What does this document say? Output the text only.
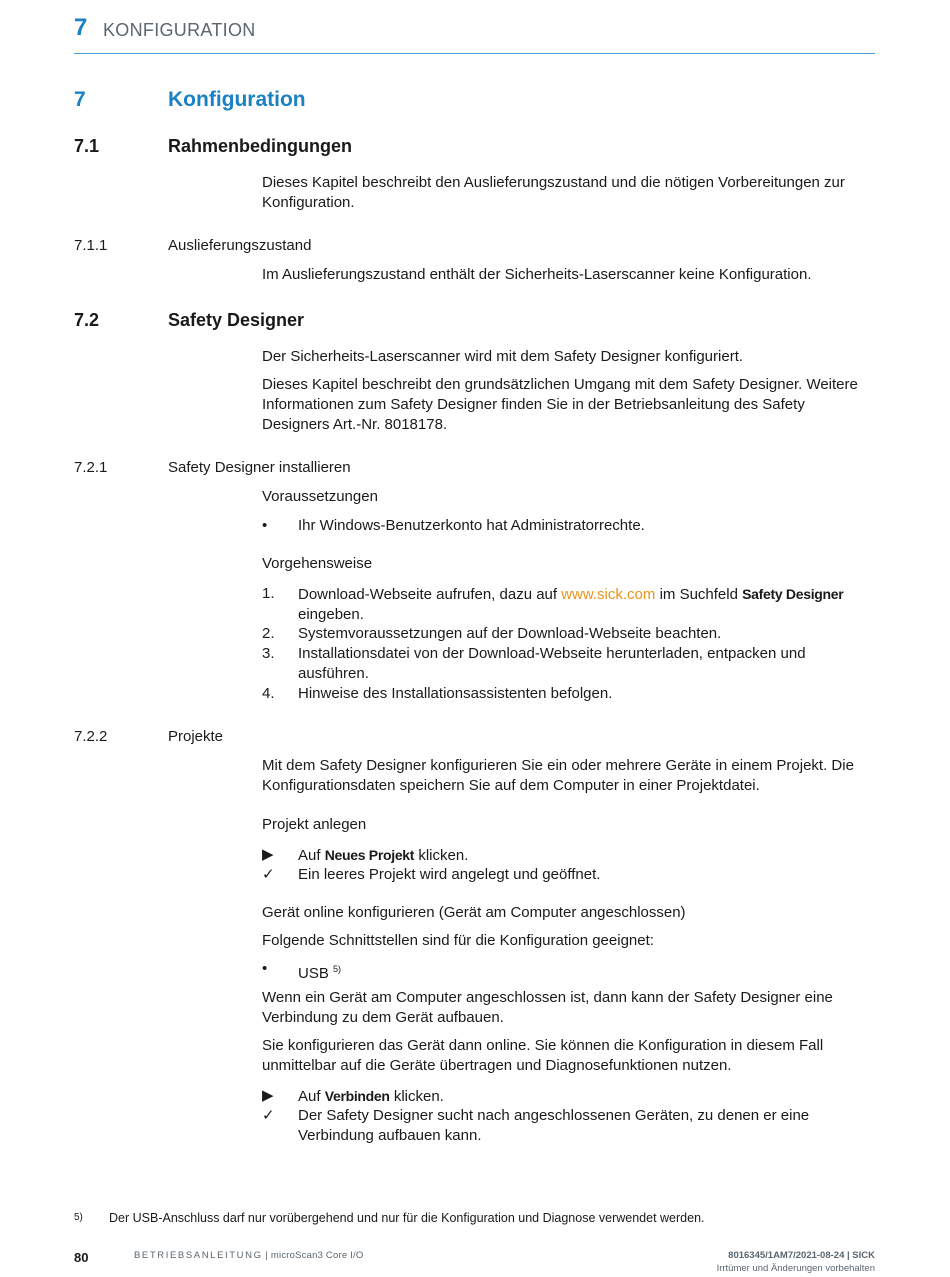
7 KONFIGURATION
7	Konfiguration
7.1	Rahmenbedingungen
Dieses Kapitel beschreibt den Auslieferungszustand und die nötigen Vorbereitungen zur Konfiguration.
7.1.1	Auslieferungszustand
Im Auslieferungszustand enthält der Sicherheits-Laserscanner keine Konfiguration.
7.2	Safety Designer
Der Sicherheits-Laserscanner wird mit dem Safety Designer konfiguriert.
Dieses Kapitel beschreibt den grundsätzlichen Umgang mit dem Safety Designer. Weitere Informationen zum Safety Designer finden Sie in der Betriebsanleitung des Safety Designers Art.-Nr. 8018178.
7.2.1	Safety Designer installieren
Voraussetzungen
•	Ihr Windows-Benutzerkonto hat Administratorrechte.
Vorgehensweise
1.	Download-Webseite aufrufen, dazu auf www.sick.com im Suchfeld Safety Designer eingeben.
2.	Systemvoraussetzungen auf der Download-Webseite beachten.
3.	Installationsdatei von der Download-Webseite herunterladen, entpacken und ausführen.
4.	Hinweise des Installationsassistenten befolgen.
7.2.2	Projekte
Mit dem Safety Designer konfigurieren Sie ein oder mehrere Geräte in einem Projekt. Die Konfigurationsdaten speichern Sie auf dem Computer in einer Projektdatei.
Projekt anlegen
▶	Auf Neues Projekt klicken.
✓	Ein leeres Projekt wird angelegt und geöffnet.
Gerät online konfigurieren (Gerät am Computer angeschlossen)
Folgende Schnittstellen sind für die Konfiguration geeignet:
•	USB $^{5)}$
Wenn ein Gerät am Computer angeschlossen ist, dann kann der Safety Designer eine Verbindung zu dem Gerät aufbauen.
Sie konfigurieren das Gerät dann online. Sie können die Konfiguration in diesem Fall unmittelbar auf die Geräte übertragen und Diagnosefunktionen nutzen.
▶	Auf Verbinden klicken.
✓	Der Safety Designer sucht nach angeschlossenen Geräten, zu denen er eine Verbindung aufbauen kann.
5) Der USB-Anschluss darf nur vorübergehend und nur für die Konfiguration und Diagnose verwendet werden.
80	BETRIEBSANLEITUNG | microScan3 Core I/O	8016345/1AM7/2021-08-24 | SICK
Irrtümer und Änderungen vorbehalten
